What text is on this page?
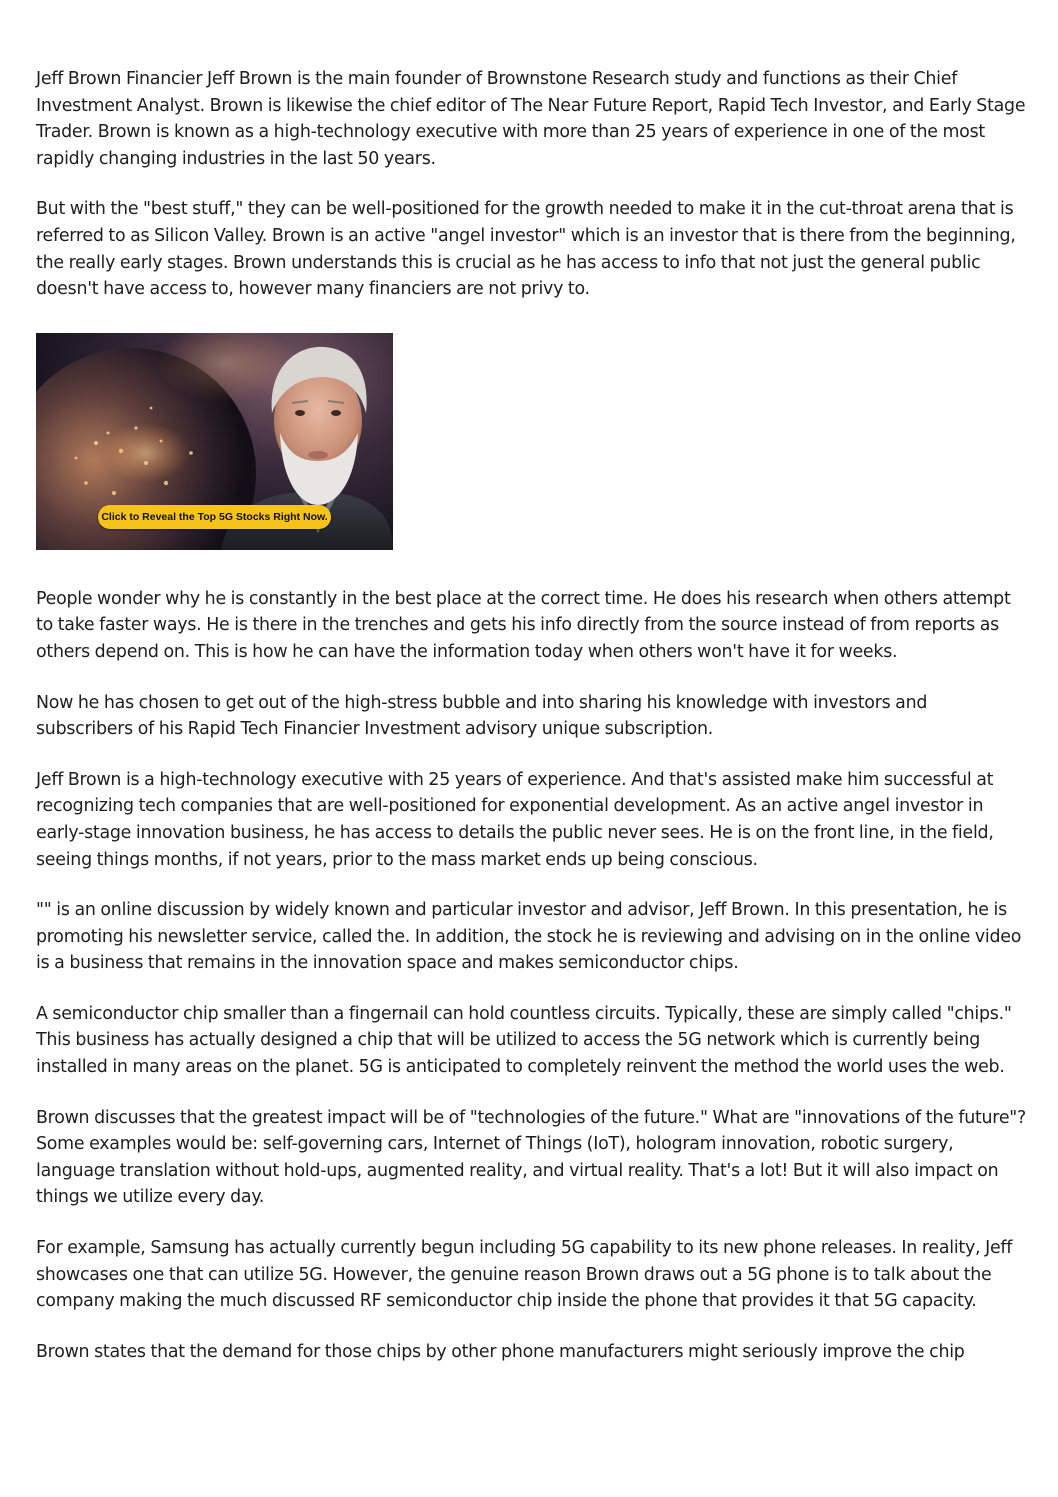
Jeff Brown Financier Jeff Brown is the main founder of Brownstone Research study and functions as their Chief Investment Analyst. Brown is likewise the chief editor of The Near Future Report, Rapid Tech Investor, and Early Stage Trader. Brown is known as a high-technology executive with more than 25 years of experience in one of the most rapidly changing industries in the last 50 years.

But with the "best stuff," they can be well-positioned for the growth needed to make it in the cut-throat arena that is referred to as Silicon Valley. Brown is an active "angel investor" which is an investor that is there from the beginning, the really early stages. Brown understands this is crucial as he has access to info that not just the general public doesn't have access to, however many financiers are not privy to.

Click to Reveal the Top 5G Stocks Right Now.

People wonder why he is constantly in the best place at the correct time. He does his research when others attempt to take faster ways. He is there in the trenches and gets his info directly from the source instead of from reports as others depend on. This is how he can have the information today when others won't have it for weeks.

Now he has chosen to get out of the high-stress bubble and into sharing his knowledge with investors and subscribers of his Rapid Tech Financier Investment advisory unique subscription.

Jeff Brown is a high-technology executive with 25 years of experience. And that's assisted make him successful at recognizing tech companies that are well-positioned for exponential development. As an active angel investor in early-stage innovation business, he has access to details the public never sees. He is on the front line, in the field, seeing things months, if not years, prior to the mass market ends up being conscious.

"" is an online discussion by widely known and particular investor and advisor, Jeff Brown. In this presentation, he is promoting his newsletter service, called the. In addition, the stock he is reviewing and advising on in the online video is a business that remains in the innovation space and makes semiconductor chips.

A semiconductor chip smaller than a fingernail can hold countless circuits. Typically, these are simply called "chips." This business has actually designed a chip that will be utilized to access the 5G network which is currently being installed in many areas on the planet. 5G is anticipated to completely reinvent the method the world uses the web.

Brown discusses that the greatest impact will be of "technologies of the future." What are "innovations of the future"? Some examples would be: self-governing cars, Internet of Things (IoT), hologram innovation, robotic surgery, language translation without hold-ups, augmented reality, and virtual reality. That's a lot! But it will also impact on things we utilize every day.

For example, Samsung has actually currently begun including 5G capability to its new phone releases. In reality, Jeff showcases one that can utilize 5G. However, the genuine reason Brown draws out a 5G phone is to talk about the company making the much discussed RF semiconductor chip inside the phone that provides it that 5G capacity.

Brown states that the demand for those chips by other phone manufacturers might seriously improve the chip
